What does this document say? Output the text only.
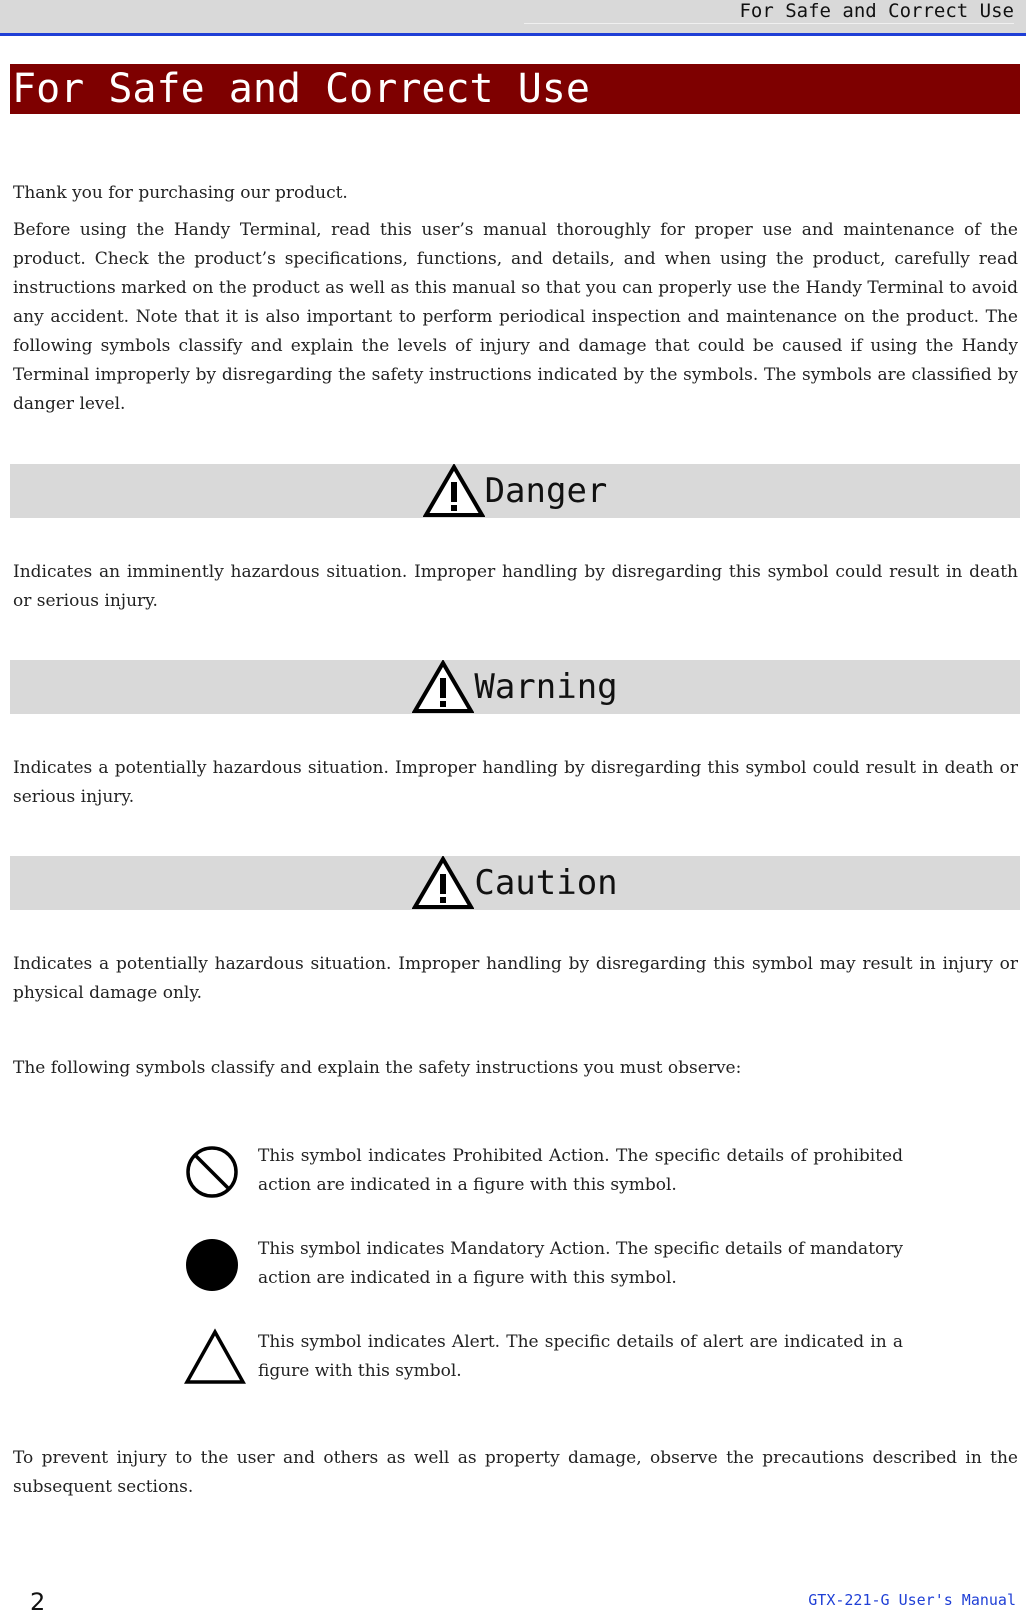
For Safe and Correct Use
For Safe and Correct Use

Thank you for purchasing our product.

Before using the Handy Terminal, read this user’s manual thoroughly for proper use and maintenance of the product. Check the product’s specifications, functions, and details, and when using the product, carefully read instructions marked on the product as well as this manual so that you can properly use the Handy Terminal to avoid any accident. Note that it is also important to perform periodical inspection and maintenance on the product. The following symbols classify and explain the levels of injury and damage that could be caused if using the Handy Terminal improperly by disregarding the safety instructions indicated by the symbols. The symbols are classified by danger level.

Danger

Indicates an imminently hazardous situation. Improper handling by disregarding this symbol could result in death or serious injury.

Warning

Indicates a potentially hazardous situation. Improper handling by disregarding this symbol could result in death or serious injury.

Caution

Indicates a potentially hazardous situation. Improper handling by disregarding this symbol may result in injury or physical damage only.

The following symbols classify and explain the safety instructions you must observe:

This symbol indicates Prohibited Action. The specific details of prohibited action are indicated in a figure with this symbol.

This symbol indicates Mandatory Action. The specific details of mandatory action are indicated in a figure with this symbol.

This symbol indicates Alert. The specific details of alert are indicated in a figure with this symbol.

To prevent injury to the user and others as well as property damage, observe the precautions described in the subsequent sections.

2	GTX-221-G User's Manual
